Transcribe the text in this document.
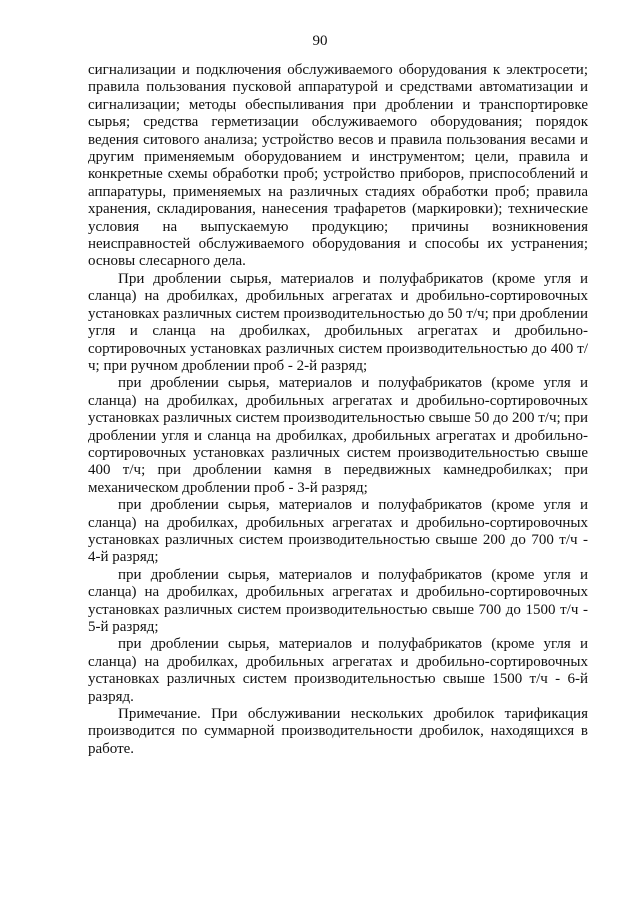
90

сигнализации и подключения обслуживаемого оборудования к электросети; правила пользования пусковой аппаратурой и средствами автоматизации и сигнализации; методы обеспыливания при дроблении и транспортировке сырья; средства герметизации обслуживаемого оборудования; порядок ведения ситового анализа; устройство весов и правила пользования весами и другим применяемым оборудованием и инструментом; цели, правила и конкретные схемы обработки проб; устройство приборов, приспособлений и аппаратуры, применяемых на различных стадиях обработки проб; правила хранения, складирования, нанесения трафаретов (маркировки); технические условия на выпускаемую продукцию; причины возникновения неисправностей обслуживаемого оборудования и способы их устранения; основы слесарного дела.

При дроблении сырья, материалов и полуфабрикатов (кроме угля и сланца) на дробилках, дробильных агрегатах и дробильно-сортировочных установках различных систем производительностью до 50 т/ч; при дроблении угля и сланца на дробилках, дробильных агрегатах и дробильно-сортировочных установках различных систем производительностью до 400 т/ч; при ручном дроблении проб - 2-й разряд;

при дроблении сырья, материалов и полуфабрикатов (кроме угля и сланца) на дробилках, дробильных агрегатах и дробильно-сортировочных установках различных систем производительностью свыше 50 до 200 т/ч; при дроблении угля и сланца на дробилках, дробильных агрегатах и дробильно-сортировочных установках различных систем производительностью свыше 400 т/ч; при дроблении камня в передвижных камнедробилках; при механическом дроблении проб - 3-й разряд;

при дроблении сырья, материалов и полуфабрикатов (кроме угля и сланца) на дробилках, дробильных агрегатах и дробильно-сортировочных установках различных систем производительностью свыше 200 до 700 т/ч - 4-й разряд;

при дроблении сырья, материалов и полуфабрикатов (кроме угля и сланца) на дробилках, дробильных агрегатах и дробильно-сортировочных установках различных систем производительностью свыше 700 до 1500 т/ч - 5-й разряд;

при дроблении сырья, материалов и полуфабрикатов (кроме угля и сланца) на дробилках, дробильных агрегатах и дробильно-сортировочных установках различных систем производительностью свыше 1500 т/ч - 6-й разряд.

Примечание. При обслуживании нескольких дробилок тарификация производится по суммарной производительности дробилок, находящихся в работе.
